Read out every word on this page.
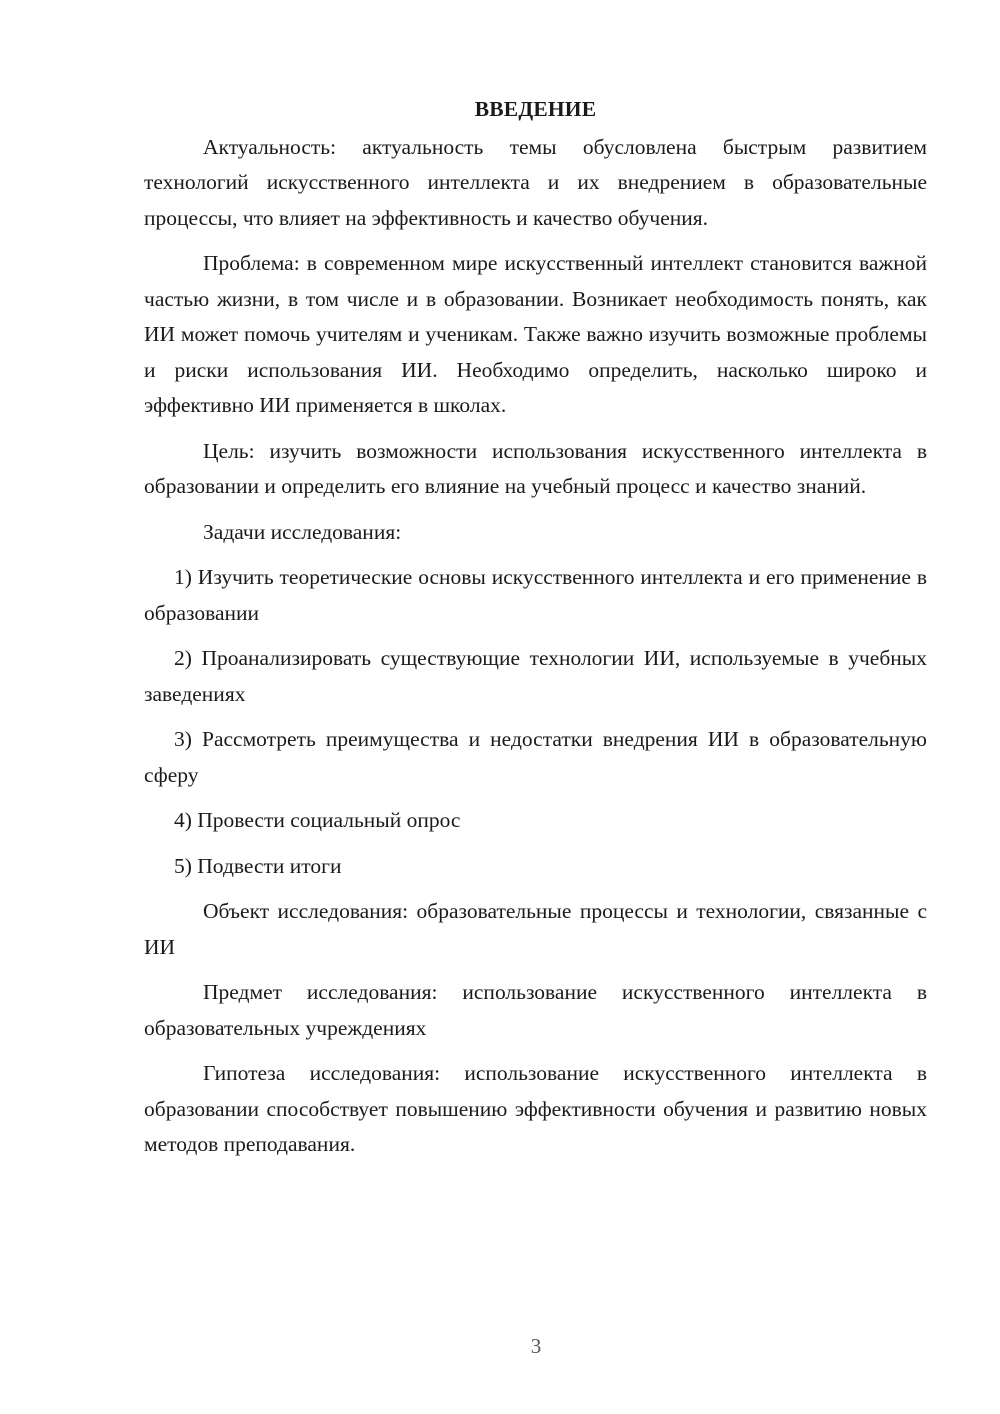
ВВЕДЕНИЕ

Актуальность: актуальность темы обусловлена быстрым развитием технологий искусственного интеллекта и их внедрением в образовательные процессы, что влияет на эффективность и качество обучения.

Проблема: в современном мире искусственный интеллект становится важной частью жизни, в том числе и в образовании. Возникает необходимость понять, как ИИ может помочь учителям и ученикам. Также важно изучить возможные проблемы и риски использования ИИ. Необходимо определить, насколько широко и эффективно ИИ применяется в школах.

Цель: изучить возможности использования искусственного интеллекта в образовании и определить его влияние на учебный процесс и качество знаний.

Задачи исследования:

1) Изучить теоретические основы искусственного интеллекта и его применение в образовании

2) Проанализировать существующие технологии ИИ, используемые в учебных заведениях

3) Рассмотреть преимущества и недостатки внедрения ИИ в образовательную сферу

4) Провести социальный опрос

5) Подвести итоги

Объект исследования: образовательные процессы и технологии, связанные с ИИ

Предмет исследования: использование искусственного интеллекта в образовательных учреждениях

Гипотеза исследования: использование искусственного интеллекта в образовании способствует повышению эффективности обучения и развитию новых методов преподавания.

3
